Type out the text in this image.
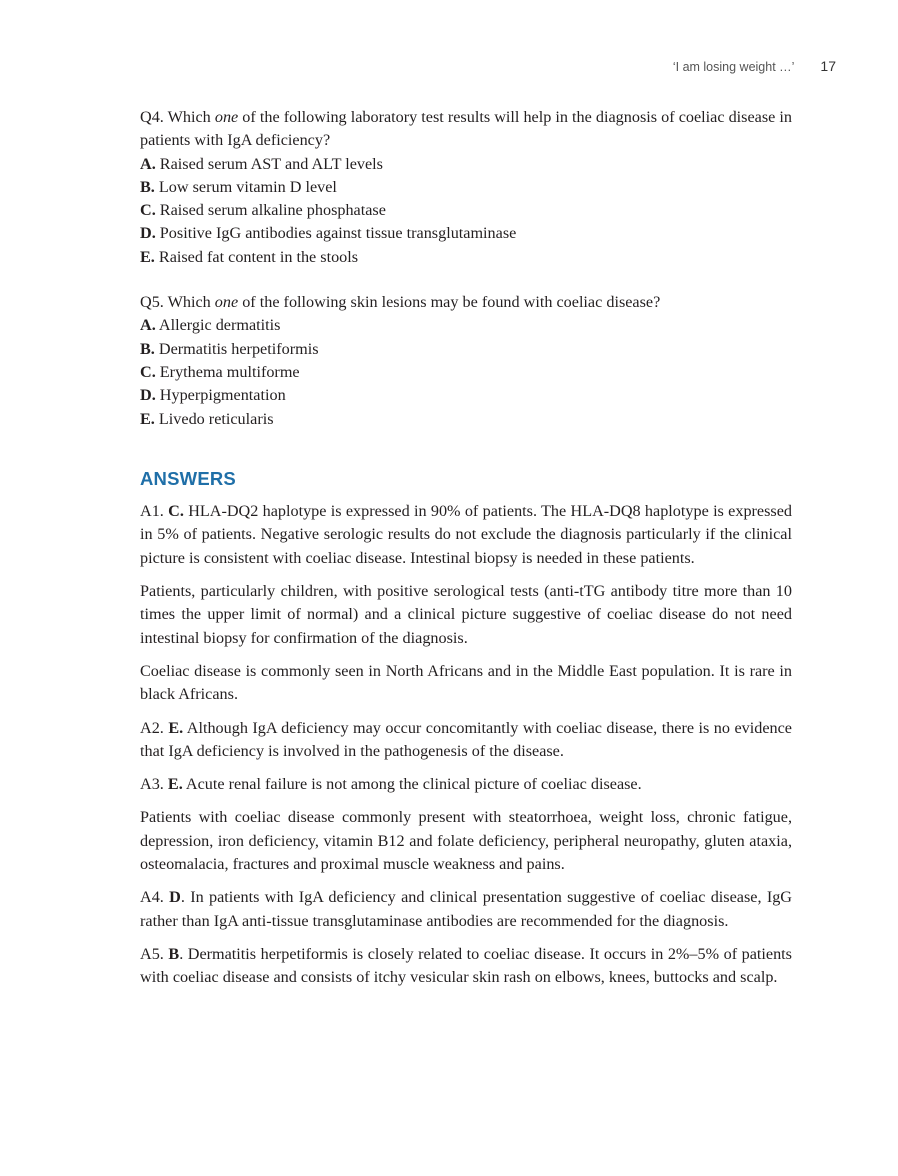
‘I am losing weight …’ 17

Q4. Which one of the following laboratory test results will help in the diagnosis of coeliac disease in patients with IgA deficiency?

A. Raised serum AST and ALT levels

B. Low serum vitamin D level

C. Raised serum alkaline phosphatase

D. Positive IgG antibodies against tissue transglutaminase

E. Raised fat content in the stools

Q5. Which one of the following skin lesions may be found with coeliac disease?

A. Allergic dermatitis

B. Dermatitis herpetiformis

C. Erythema multiforme

D. Hyperpigmentation

E. Livedo reticularis

ANSWERS

A1. C. HLA-DQ2 haplotype is expressed in 90% of patients. The HLA-DQ8 haplotype is expressed in 5% of patients. Negative serologic results do not exclude the diagnosis particularly if the clinical picture is consistent with coeliac disease. Intestinal biopsy is needed in these patients.

Patients, particularly children, with positive serological tests (anti-tTG antibody titre more than 10 times the upper limit of normal) and a clinical picture suggestive of coeliac disease do not need intestinal biopsy for confirmation of the diagnosis.

Coeliac disease is commonly seen in North Africans and in the Middle East population. It is rare in black Africans.

A2. E. Although IgA deficiency may occur concomitantly with coeliac disease, there is no evidence that IgA deficiency is involved in the pathogenesis of the disease.

A3. E. Acute renal failure is not among the clinical picture of coeliac disease.

Patients with coeliac disease commonly present with steatorrhoea, weight loss, chronic fatigue, depression, iron deficiency, vitamin B12 and folate deficiency, peripheral neuropathy, gluten ataxia, osteomalacia, fractures and proximal muscle weakness and pains.

A4. D. In patients with IgA deficiency and clinical presentation suggestive of coeliac disease, IgG rather than IgA anti-tissue transglutaminase antibodies are recommended for the diagnosis.

A5. B. Dermatitis herpetiformis is closely related to coeliac disease. It occurs in 2%–5% of patients with coeliac disease and consists of itchy vesicular skin rash on elbows, knees, buttocks and scalp.
